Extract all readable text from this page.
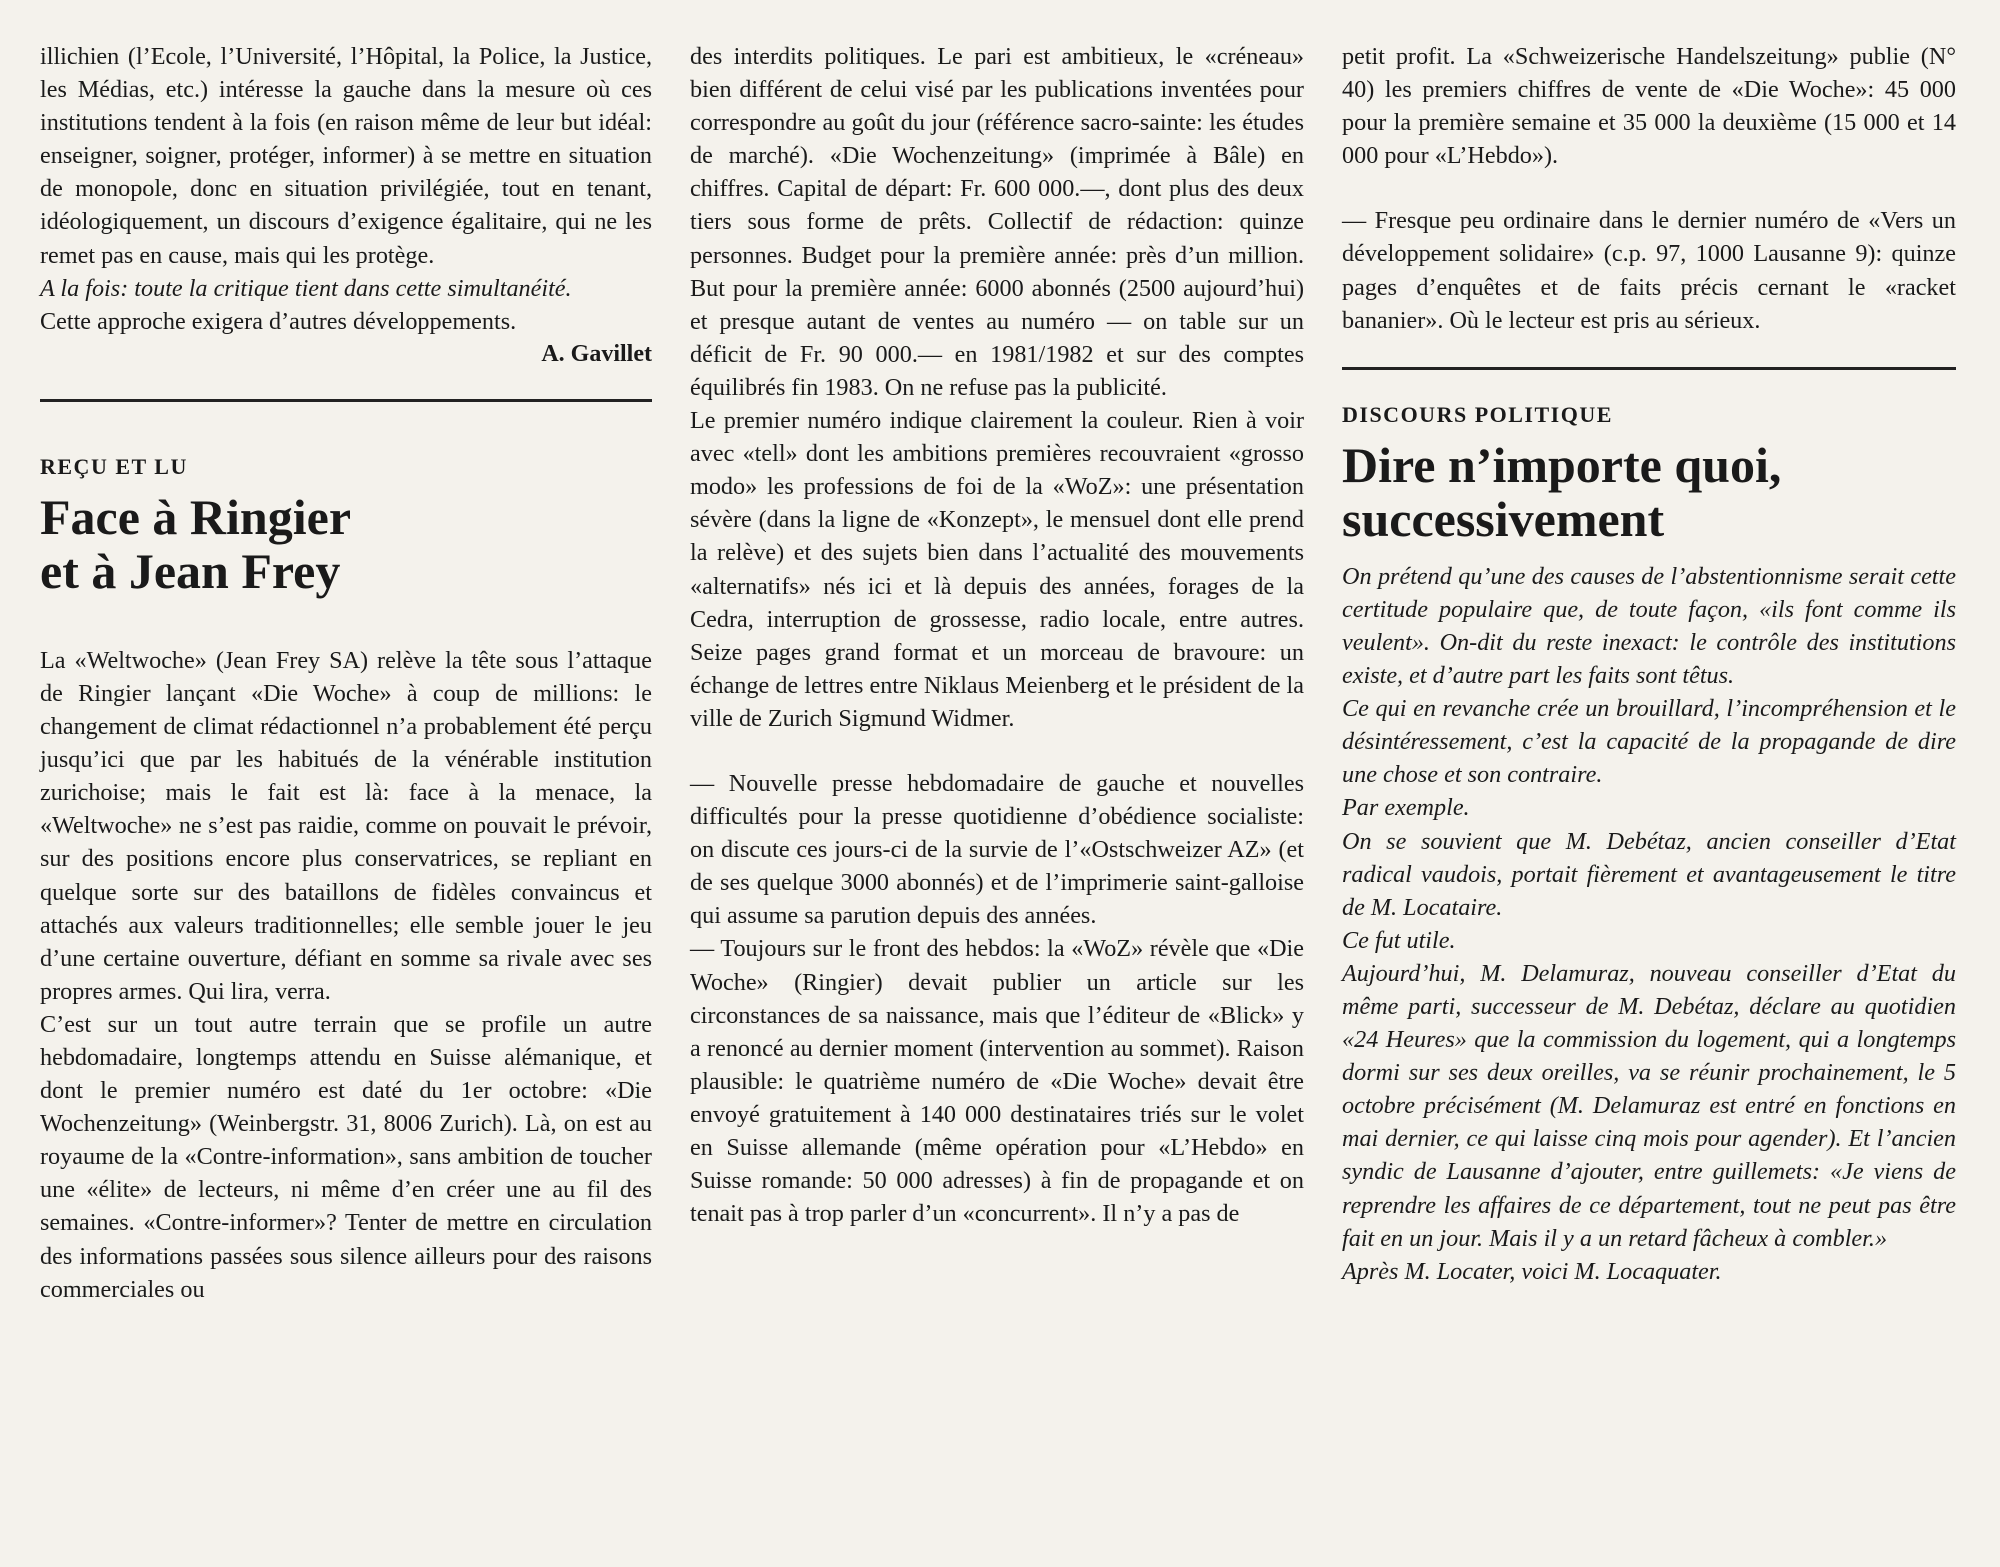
illichien (l’Ecole, l’Université, l’Hôpital, la Police, la Justice, les Médias, etc.) intéresse la gauche dans la mesure où ces institutions tendent à la fois (en raison même de leur but idéal: enseigner, soigner, protéger, informer) à se mettre en situation de monopole, donc en situation privilégiée, tout en tenant, idéologiquement, un discours d’exigence égalitaire, qui ne les remet pas en cause, mais qui les protège.

A la fois: toute la critique tient dans cette simultanéité.

Cette approche exigera d’autres développements.

A. Gavillet
REÇU ET LU
Face à Ringier
et à Jean Frey

La «Weltwoche» (Jean Frey SA) relève la tête sous l’attaque de Ringier lançant «Die Woche» à coup de millions: le changement de climat rédactionnel n’a probablement été perçu jusqu’ici que par les habitués de la vénérable institution zurichoise; mais le fait est là: face à la menace, la «Weltwoche» ne s’est pas raidie, comme on pouvait le prévoir, sur des positions encore plus conservatrices, se repliant en quelque sorte sur des bataillons de fidèles convaincus et attachés aux valeurs traditionnelles; elle semble jouer le jeu d’une certaine ouverture, défiant en somme sa rivale avec ses propres armes. Qui lira, verra.

C’est sur un tout autre terrain que se profile un autre hebdomadaire, longtemps attendu en Suisse alémanique, et dont le premier numéro est daté du 1er octobre: «Die Wochenzeitung» (Weinbergstr. 31, 8006 Zurich). Là, on est au royaume de la «Contre-information», sans ambition de toucher une «élite» de lecteurs, ni même d’en créer une au fil des semaines. «Contre-informer»? Tenter de mettre en circulation des informations passées sous silence ailleurs pour des raisons commerciales ou

des interdits politiques. Le pari est ambitieux, le «créneau» bien différent de celui visé par les publications inventées pour correspondre au goût du jour (référence sacro-sainte: les études de marché). «Die Wochenzeitung» (imprimée à Bâle) en chiffres. Capital de départ: Fr. 600 000.—, dont plus des deux tiers sous forme de prêts. Collectif de rédaction: quinze personnes. Budget pour la première année: près d’un million. But pour la première année: 6000 abonnés (2500 aujourd’hui) et presque autant de ventes au numéro — on table sur un déficit de Fr. 90 000.— en 1981/1982 et sur des comptes équilibrés fin 1983. On ne refuse pas la publicité.

Le premier numéro indique clairement la couleur. Rien à voir avec «tell» dont les ambitions premières recouvraient «grosso modo» les professions de foi de la «WoZ»: une présentation sévère (dans la ligne de «Konzept», le mensuel dont elle prend la relève) et des sujets bien dans l’actualité des mouvements «alternatifs» nés ici et là depuis des années, forages de la Cedra, interruption de grossesse, radio locale, entre autres. Seize pages grand format et un morceau de bravoure: un échange de lettres entre Niklaus Meienberg et le président de la ville de Zurich Sigmund Widmer.

— Nouvelle presse hebdomadaire de gauche et nouvelles difficultés pour la presse quotidienne d’obédience socialiste: on discute ces jours-ci de la survie de l’«Ostschweizer AZ» (et de ses quelque 3000 abonnés) et de l’imprimerie saint-galloise qui assume sa parution depuis des années.

— Toujours sur le front des hebdos: la «WoZ» révèle que «Die Woche» (Ringier) devait publier un article sur les circonstances de sa naissance, mais que l’éditeur de «Blick» y a renoncé au dernier moment (intervention au sommet). Raison plausible: le quatrième numéro de «Die Woche» devait être envoyé gratuitement à 140 000 destinataires triés sur le volet en Suisse allemande (même opération pour «L’Hebdo» en Suisse romande: 50 000 adresses) à fin de propagande et on tenait pas à trop parler d’un «concurrent». Il n’y a pas de

petit profit. La «Schweizerische Handelszeitung» publie (N° 40) les premiers chiffres de vente de «Die Woche»: 45 000 pour la première semaine et 35 000 la deuxième (15 000 et 14 000 pour «L’Hebdo»).

— Fresque peu ordinaire dans le dernier numéro de «Vers un développement solidaire» (c.p. 97, 1000 Lausanne 9): quinze pages d’enquêtes et de faits précis cernant le «racket bananier». Où le lecteur est pris au sérieux.

DISCOURS POLITIQUE
Dire n’importe quoi,
successivement

On prétend qu’une des causes de l’abstentionnisme serait cette certitude populaire que, de toute façon, «ils font comme ils veulent». On-dit du reste inexact: le contrôle des institutions existe, et d’autre part les faits sont têtus.

Ce qui en revanche crée un brouillard, l’incompréhension et le désintéressement, c’est la capacité de la propagande de dire une chose et son contraire.

Par exemple.

On se souvient que M. Debétaz, ancien conseiller d’Etat radical vaudois, portait fièrement et avantageusement le titre de M. Locataire.

Ce fut utile.

Aujourd’hui, M. Delamuraz, nouveau conseiller d’Etat du même parti, successeur de M. Debétaz, déclare au quotidien «24 Heures» que la commission du logement, qui a longtemps dormi sur ses deux oreilles, va se réunir prochainement, le 5 octobre précisément (M. Delamuraz est entré en fonctions en mai dernier, ce qui laisse cinq mois pour agender). Et l’ancien syndic de Lausanne d’ajouter, entre guillemets: «Je viens de reprendre les affaires de ce département, tout ne peut pas être fait en un jour. Mais il y a un retard fâcheux à combler.»

Après M. Locater, voici M. Locaquater.
